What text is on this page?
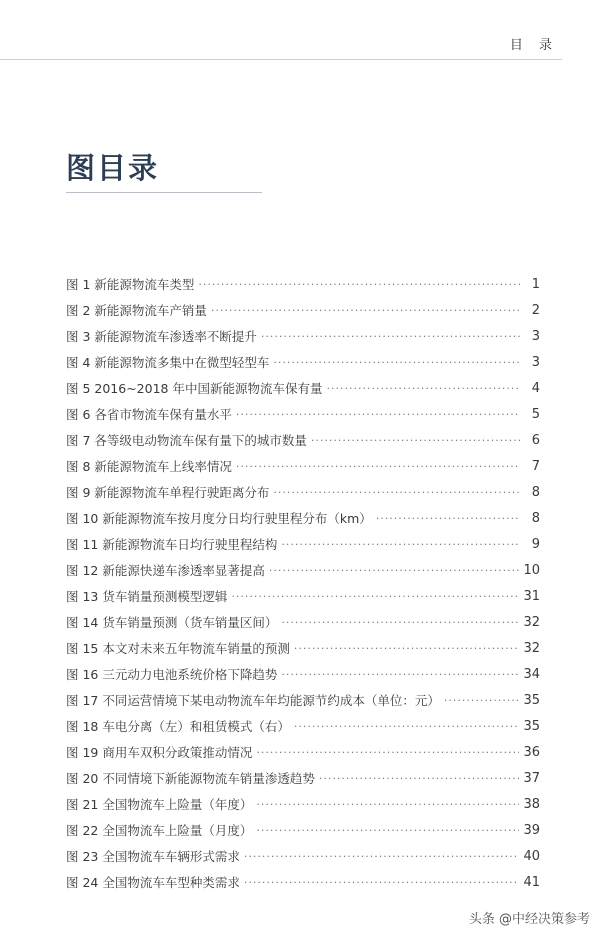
目 录
图目录
图 1 新能源物流车类型 ·····	1
图 2 新能源物流车产销量 ·····	2
图 3 新能源物流车渗透率不断提升 ·····	3
图 4 新能源物流多集中在微型轻型车 ·····	3
图 5 2016~2018 年中国新能源物流车保有量 ·····	4
图 6 各省市物流车保有量水平 ·····	5
图 7 各等级电动物流车保有量下的城市数量 ·····	6
图 8 新能源物流车上线率情况 ·····	7
图 9 新能源物流车单程行驶距离分布 ·····	8
图 10 新能源物流车按月度分日均行驶里程分布（km） ·····	8
图 11 新能源物流车日均行驶里程结构 ·····	9
图 12 新能源快递车渗透率显著提高 ·····	10
图 13 货车销量预测模型逻辑 ·····	31
图 14 货车销量预测（货车销量区间） ·····	32
图 15 本文对未来五年物流车销量的预测 ·····	32
图 16 三元动力电池系统价格下降趋势 ·····	34
图 17 不同运营情境下某电动物流车年均能源节约成本（单位：元） ·····	35
图 18 车电分离（左）和租赁模式（右） ·····	35
图 19 商用车双积分政策推动情况 ·····	36
图 20 不同情境下新能源物流车销量渗透趋势 ·····	37
图 21 全国物流车上险量（年度） ·····	38
图 22 全国物流车上险量（月度） ·····	39
图 23 全国物流车车辆形式需求 ·····	40
图 24 全国物流车车型种类需求 ·····	41
头条 @中经决策参考
